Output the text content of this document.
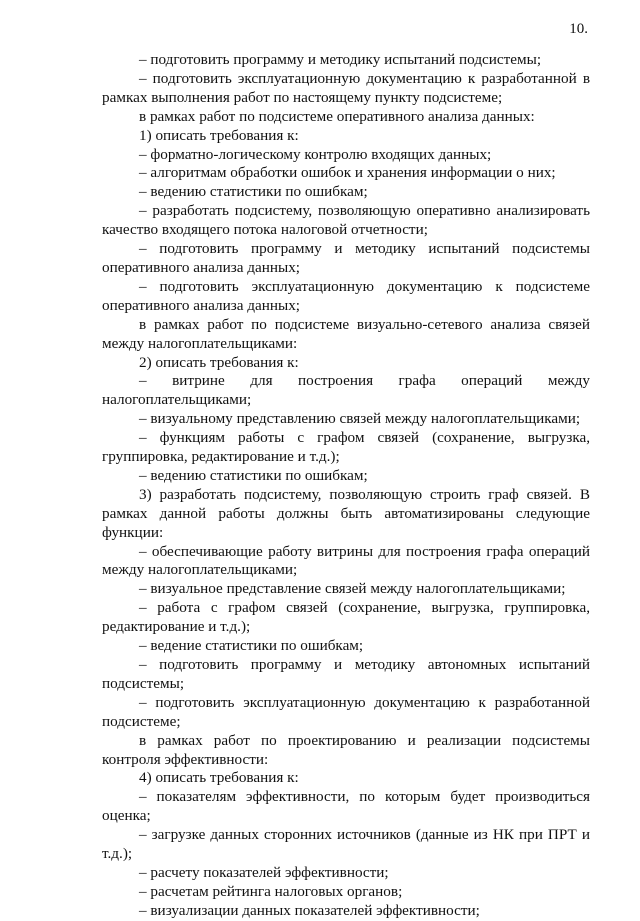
10.

– подготовить программу и методику испытаний подсистемы;

– подготовить эксплуатационную документацию к разработанной в рамках выполнения работ по настоящему пункту подсистеме;

в рамках работ по подсистеме оперативного анализа данных:

1) описать требования к:

– форматно-логическому контролю входящих данных;

– алгоритмам обработки ошибок и хранения информации о них;

– ведению статистики по ошибкам;

– разработать подсистему, позволяющую оперативно анализировать качество входящего потока налоговой отчетности;

– подготовить программу и методику испытаний подсистемы оперативного анализа данных;

– подготовить эксплуатационную документацию к подсистеме оперативного анализа данных;

в рамках работ по подсистеме визуально-сетевого анализа связей между налогоплательщиками:

2) описать требования к:

– витрине для построения графа операций между налогоплательщиками;

– визуальному представлению связей между налогоплательщиками;

– функциям работы с графом связей (сохранение, выгрузка, группировка, редактирование и т.д.);

– ведению статистики по ошибкам;

3) разработать подсистему, позволяющую строить граф связей. В рамках данной работы должны быть автоматизированы следующие функции:

– обеспечивающие работу витрины для построения графа операций между налогоплательщиками;

– визуальное представление связей между налогоплательщиками;

– работа с графом связей (сохранение, выгрузка, группировка, редактирование и т.д.);

– ведение статистики по ошибкам;

– подготовить программу и методику автономных испытаний подсистемы;

– подготовить эксплуатационную документацию к разработанной подсистеме;

в рамках работ по проектированию и реализации подсистемы контроля эффективности:

4) описать требования к:

– показателям эффективности, по которым будет производиться оценка;

– загрузке данных сторонних источников (данные из НК при ПРТ и т.д.);

– расчету показателей эффективности;

– расчетам рейтинга налоговых органов;

– визуализации данных показателей эффективности;
